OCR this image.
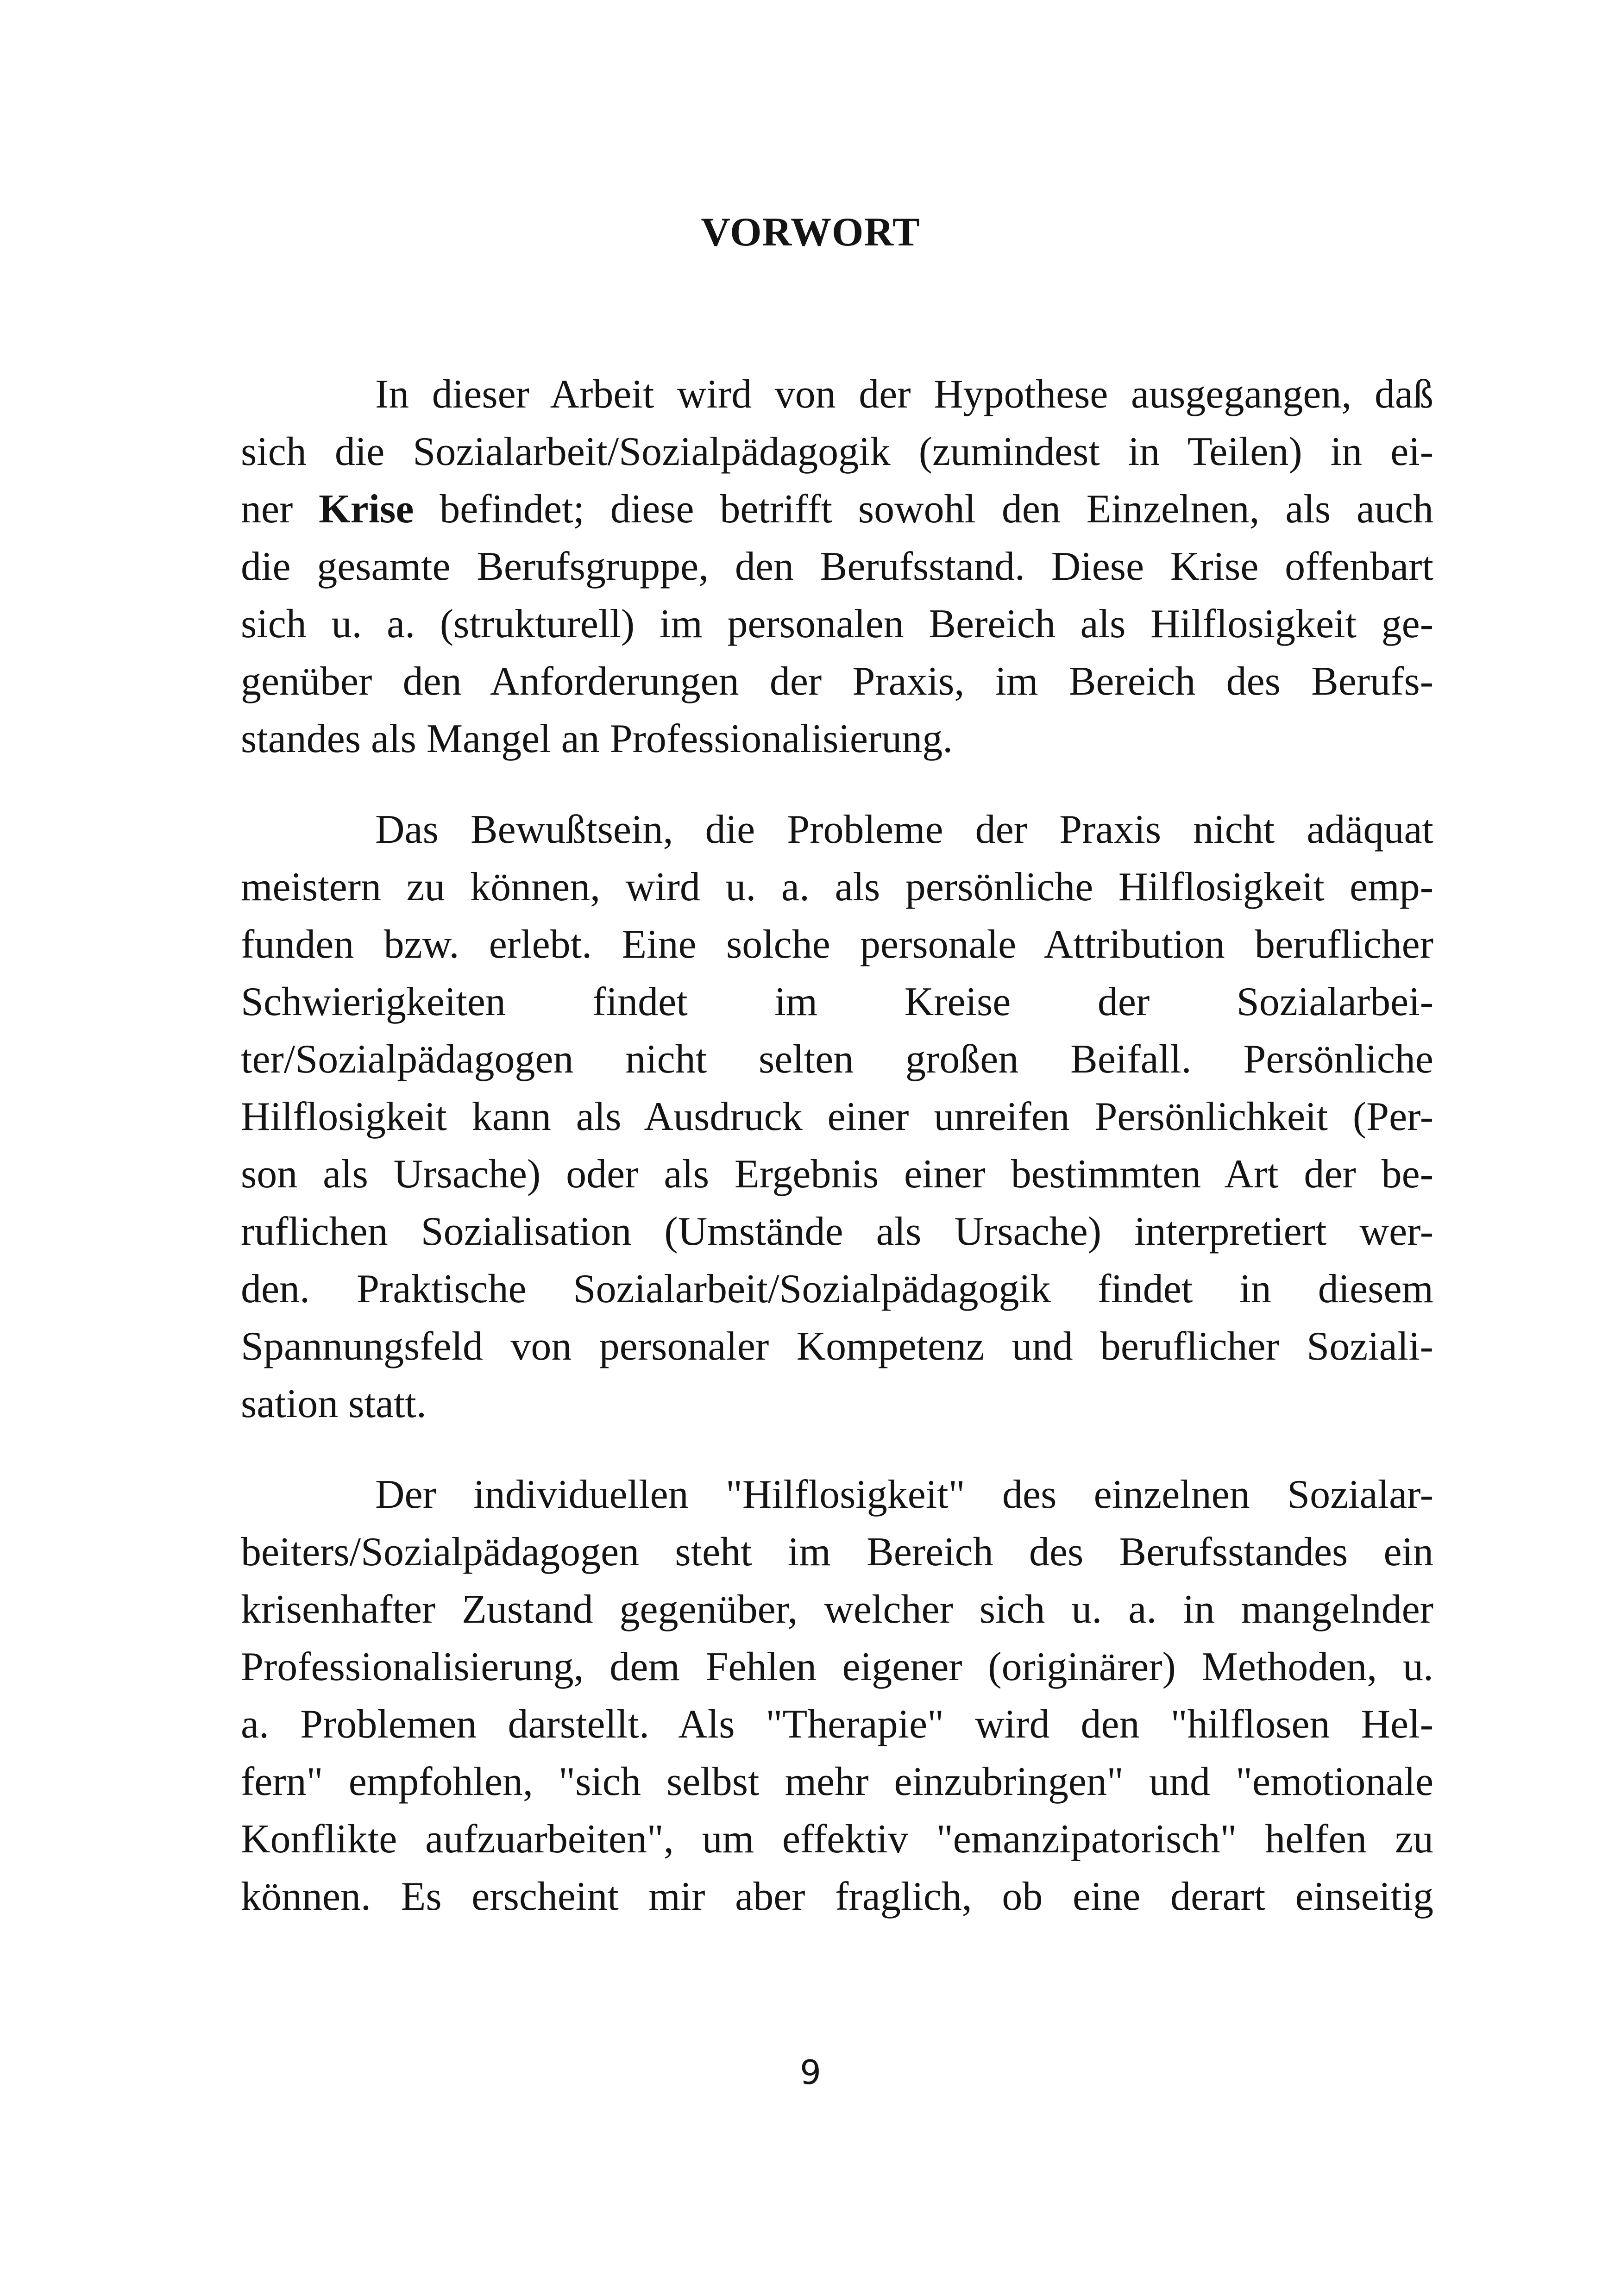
VORWORT

In dieser Arbeit wird von der Hypothese ausgegangen, daß
sich die Sozialarbeit/Sozialpädagogik (zumindest in Teilen) in ei-
ner Krise befindet; diese betrifft sowohl den Einzelnen, als auch
die gesamte Berufsgruppe, den Berufsstand. Diese Krise offenbart
sich u. a. (strukturell) im personalen Bereich als Hilflosigkeit ge-
genüber den Anforderungen der Praxis, im Bereich des Berufs-
standes als Mangel an Professionalisierung.

Das Bewußtsein, die Probleme der Praxis nicht adäquat
meistern zu können, wird u. a. als persönliche Hilflosigkeit emp-
funden bzw. erlebt. Eine solche personale Attribution beruflicher
Schwierigkeiten findet im Kreise der Sozialarbei-
ter/Sozialpädagogen nicht selten großen Beifall. Persönliche
Hilflosigkeit kann als Ausdruck einer unreifen Persönlichkeit (Per-
son als Ursache) oder als Ergebnis einer bestimmten Art der be-
ruflichen Sozialisation (Umstände als Ursache) interpretiert wer-
den. Praktische Sozialarbeit/Sozialpädagogik findet in diesem
Spannungsfeld von personaler Kompetenz und beruflicher Soziali-
sation statt.

Der individuellen "Hilflosigkeit" des einzelnen Sozialar-
beiters/Sozialpädagogen steht im Bereich des Berufsstandes ein
krisenhafter Zustand gegenüber, welcher sich u. a. in mangelnder
Professionalisierung, dem Fehlen eigener (originärer) Methoden, u.
a. Problemen darstellt. Als "Therapie" wird den "hilflosen Hel-
fern" empfohlen, "sich selbst mehr einzubringen" und "emotionale
Konflikte aufzuarbeiten", um effektiv "emanzipatorisch" helfen zu
können. Es erscheint mir aber fraglich, ob eine derart einseitig

9
